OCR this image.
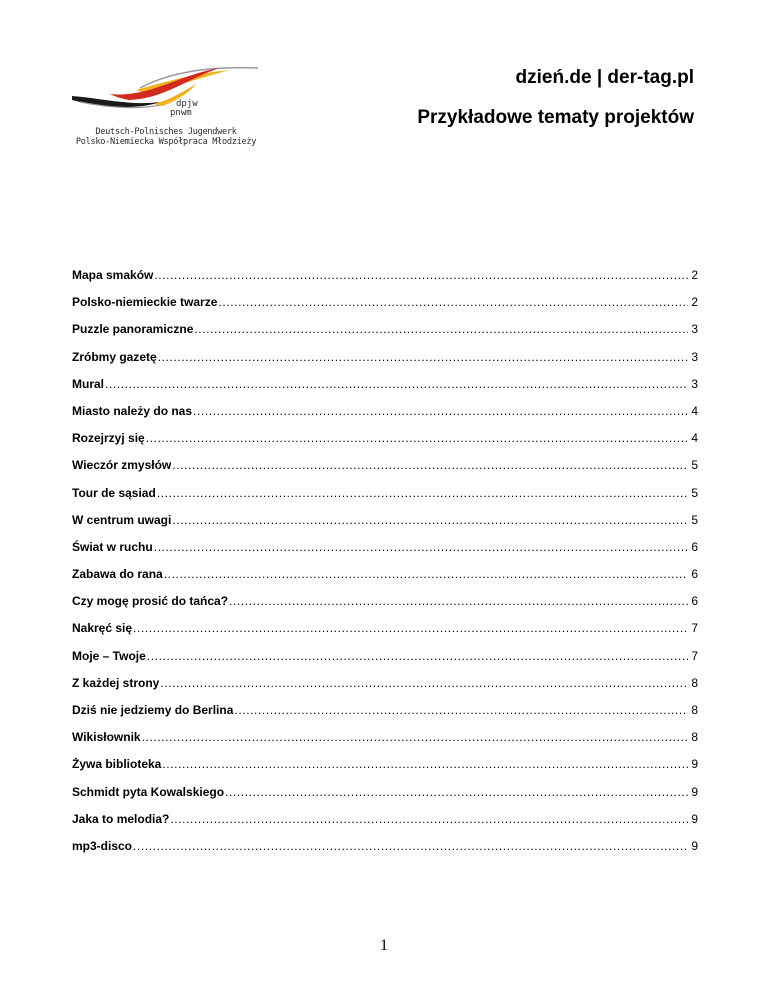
dpjw
pnwm
Deutsch-Polnisches Jugendwerk
Polsko-Niemiecka Współpraca Młodzieży
dzień.de | der-tag.pl
Przykładowe tematy projektów
Mapa smaków .....	2
Polsko-niemieckie twarze .....	2
Puzzle panoramiczne .....	3
Zróbmy gazetę .....	3
Mural .....	3
Miasto należy do nas .....	4
Rozejrzyj się .....	4
Wieczór zmysłów .....	5
Tour de sąsiad .....	5
W centrum uwagi .....	5
Świat w ruchu .....	6
Zabawa do rana .....	6
Czy mogę prosić do tańca? .....	6
Nakręć się .....	7
Moje – Twoje .....	7
Z każdej strony .....	8
Dziś nie jedziemy do Berlina .....	8
Wikisłownik .....	8
Żywa biblioteka .....	9
Schmidt pyta Kowalskiego .....	9
Jaka to melodia? .....	9
mp3-disco .....	9
1
